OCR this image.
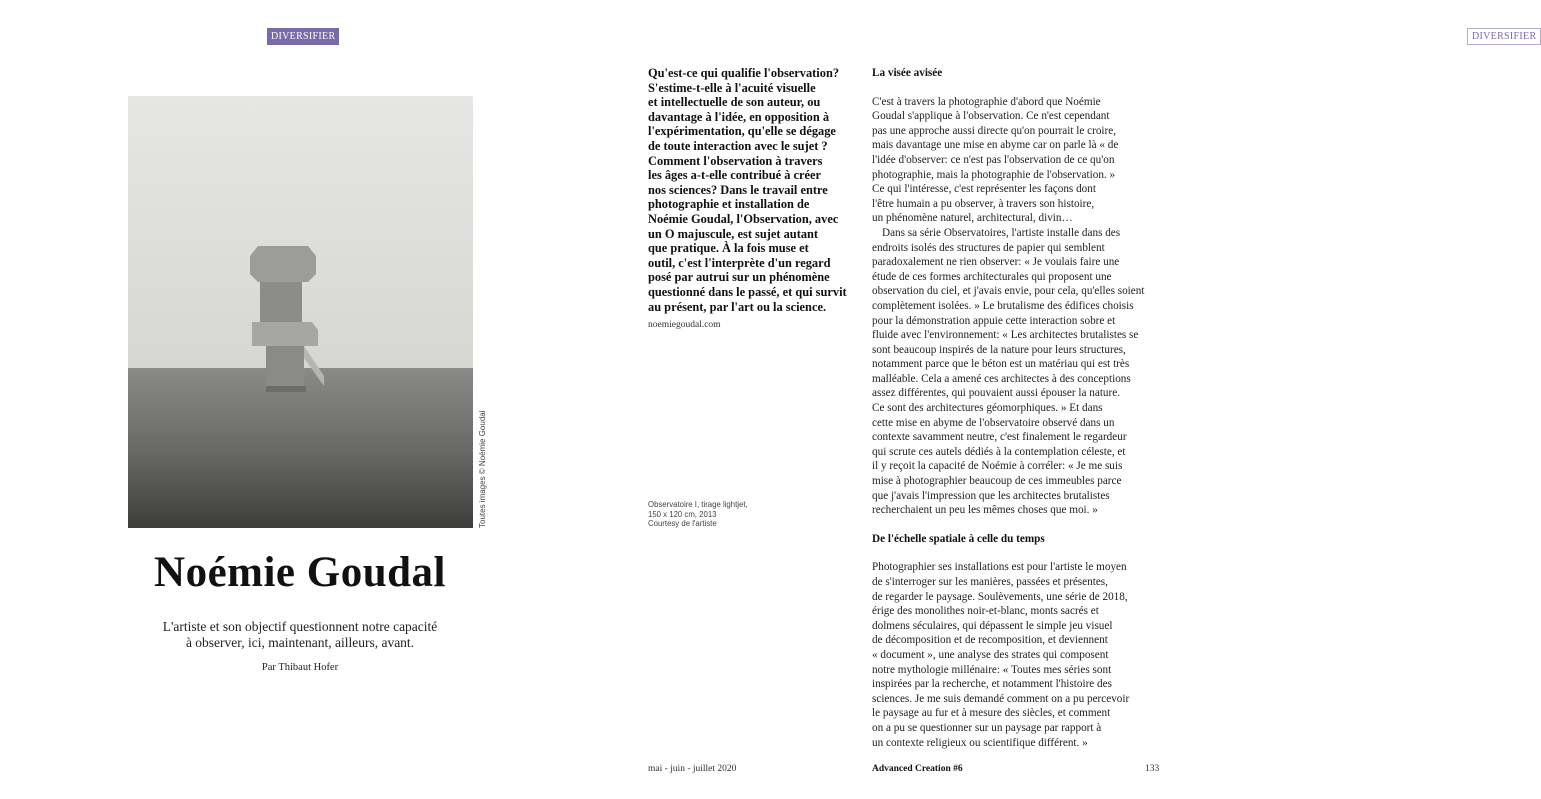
DIVERSIFIER
Toutes images © Noémie Goudal
Noémie Goudal
L'artiste et son objectif questionnent notre capacité
à observer, ici, maintenant, ailleurs, avant.
Par Thibaut Hofer
DIVERSIFIER
Qu'est-ce qui qualifie l'observation?
S'estime-t-elle à l'acuité visuelle
et intellectuelle de son auteur, ou
davantage à l'idée, en opposition à
l'expérimentation, qu'elle se dégage
de toute interaction avec le sujet ?
Comment l'observation à travers
les âges a-t-elle contribué à créer
nos sciences? Dans le travail entre
photographie et installation de
Noémie Goudal, l'Observation, avec
un O majuscule, est sujet autant
que pratique. À la fois muse et
outil, c'est l'interprète d'un regard
posé par autrui sur un phénomène
questionné dans le passé, et qui survit
au présent, par l'art ou la science.
noemiegoudal.com
Observatoire I, tirage lightjet,
150 x 120 cm, 2013
Courtesy de l'artiste
La visée avisée
C'est à travers la photographie d'abord que Noémie
Goudal s'applique à l'observation. Ce n'est cependant
pas une approche aussi directe qu'on pourrait le croire,
mais davantage une mise en abyme car on parle là « de
l'idée d'observer: ce n'est pas l'observation de ce qu'on
photographie, mais la photographie de l'observation. »
Ce qui l'intéresse, c'est représenter les façons dont
l'être humain a pu observer, à travers son histoire,
un phénomène naturel, architectural, divin…
Dans sa série Observatoires, l'artiste installe dans des
endroits isolés des structures de papier qui semblent
paradoxalement ne rien observer: « Je voulais faire une
étude de ces formes architecturales qui proposent une
observation du ciel, et j'avais envie, pour cela, qu'elles soient
complètement isolées. » Le brutalisme des édifices choisis
pour la démonstration appuie cette interaction sobre et
fluide avec l'environnement: « Les architectes brutalistes se
sont beaucoup inspirés de la nature pour leurs structures,
notamment parce que le béton est un matériau qui est très
malléable. Cela a amené ces architectes à des conceptions
assez différentes, qui pouvaient aussi épouser la nature.
Ce sont des architectures géomorphiques. » Et dans
cette mise en abyme de l'observatoire observé dans un
contexte savamment neutre, c'est finalement le regardeur
qui scrute ces autels dédiés à la contemplation céleste, et
il y reçoit la capacité de Noémie à corréler: « Je me suis
mise à photographier beaucoup de ces immeubles parce
que j'avais l'impression que les architectes brutalistes
recherchaient un peu les mêmes choses que moi. »
De l'échelle spatiale à celle du temps
Photographier ses installations est pour l'artiste le moyen
de s'interroger sur les manières, passées et présentes,
de regarder le paysage. Soulèvements, une série de 2018,
érige des monolithes noir-et-blanc, monts sacrés et
dolmens séculaires, qui dépassent le simple jeu visuel
de décomposition et de recomposition, et deviennent
« document », une analyse des strates qui composent
notre mythologie millénaire: « Toutes mes séries sont
inspirées par la recherche, et notamment l'histoire des
sciences. Je me suis demandé comment on a pu percevoir
le paysage au fur et à mesure des siècles, et comment
on a pu se questionner sur un paysage par rapport à
un contexte religieux ou scientifique différent. »
mai - juin - juillet 2020	Advanced Creation #6	133
